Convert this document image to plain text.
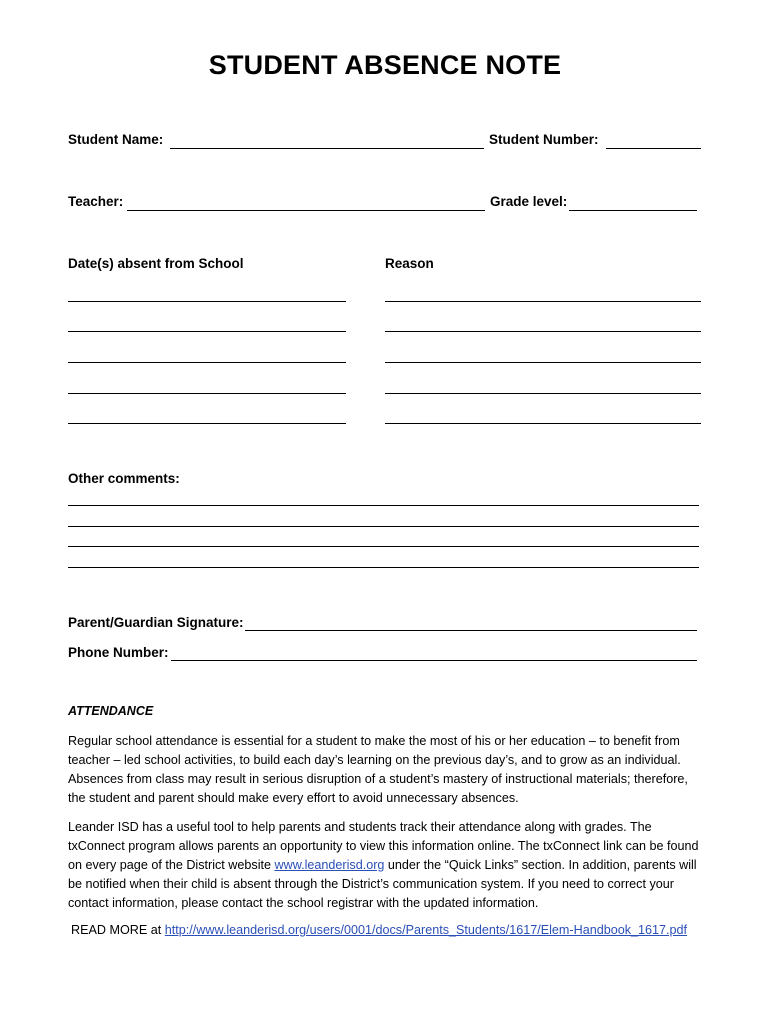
STUDENT ABSENCE NOTE
Student Name:	Student Number:
Teacher:	Grade level:
Date(s) absent from School	Reason
Other comments:
Parent/Guardian Signature:
Phone Number:
ATTENDANCE
Regular school attendance is essential for a student to make the most of his or her education – to benefit from teacher – led school activities, to build each day’s learning on the previous day’s, and to grow as an individual. Absences from class may result in serious disruption of a student’s mastery of instructional materials; therefore, the student and parent should make every effort to avoid unnecessary absences.
Leander ISD has a useful tool to help parents and students track their attendance along with grades. The txConnect program allows parents an opportunity to view this information online. The txConnect link can be found on every page of the District website www.leanderisd.org under the “Quick Links” section. In addition, parents will be notified when their child is absent through the District’s communication system. If you need to correct your contact information, please contact the school registrar with the updated information.
READ MORE at http://www.leanderisd.org/users/0001/docs/Parents_Students/1617/Elem-Handbook_1617.pdf
